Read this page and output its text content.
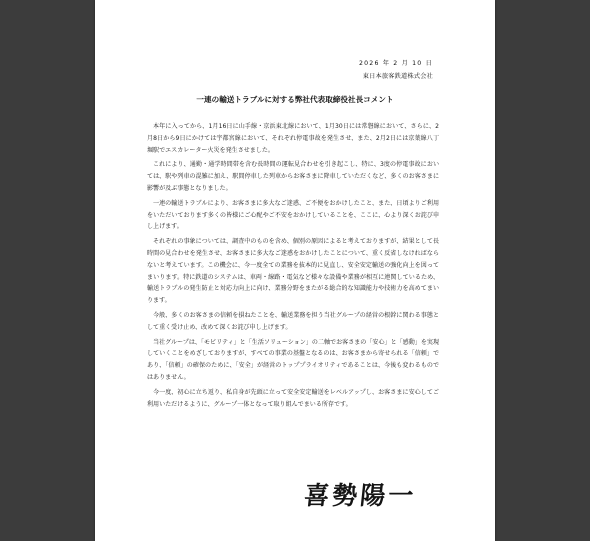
2026 年 2 月 10 日
東日本旅客鉄道株式会社
一連の輸送トラブルに対する弊社代表取締役社長コメント

本年に入ってから、1月16日に山手線・京浜東北線において、1月30日には常磐線において、さらに、2月8日から9日にかけては宇都宮線において、それぞれ停電事故を発生させ、また、2月2日には京葉線八丁堀駅でエスカレーター火災を発生させました。

これにより、通勤・通学時間帯を含む長時間の運転見合わせを引き起こし、特に、3度の停電事故においては、駅や列車の混雑に加え、駅間停車した列車からお客さまに降車していただくなど、多くのお客さまに影響が及ぶ事態となりました。

一連の輸送トラブルにより、お客さまに多大なご迷惑、ご不便をおかけしたこと、また、日頃よりご利用をいただいております多くの皆様にご心配やご不安をおかけしていることを、ここに、心より深くお詫び申し上げます。

それぞれの事象については、調査中のものを含め、個別の原因によると考えておりますが、結果として長時間の見合わせを発生させ、お客さまに多大なご迷惑をおかけしたことについて、重く反省しなければならないと考えています。この機会に、今一度全ての業務を抜本的に見直し、安全安定輸送の強化向上を図ってまいります。特に鉄道のシステムは、車両・線路・電気など様々な設備や業務が相互に連関しているため、輸送トラブルの発生防止と対応力向上に向け、業務分野をまたがる総合的な知識能力や技術力を高めてまいります。

今般、多くのお客さまの信頼を損ねたことを、輸送業務を担う当社グループの経営の根幹に関わる事態として重く受け止め、改めて深くお詫び申し上げます。

当社グループは、「モビリティ」と「生活ソリューション」の二軸でお客さまの「安心」と「感動」を実現していくことをめざしておりますが、すべての事業の基盤となるのは、お客さまから寄せられる「信頼」であり、「信頼」の確保のために、「安全」が経営のトッププライオリティであることは、今後も変わるものではありません。

今一度、初心に立ち返り、私自身が先頭に立って安全安定輸送をレベルアップし、お客さまに安心してご利用いただけるように、グループ一体となって取り組んでまいる所存です。

喜勢陽一
